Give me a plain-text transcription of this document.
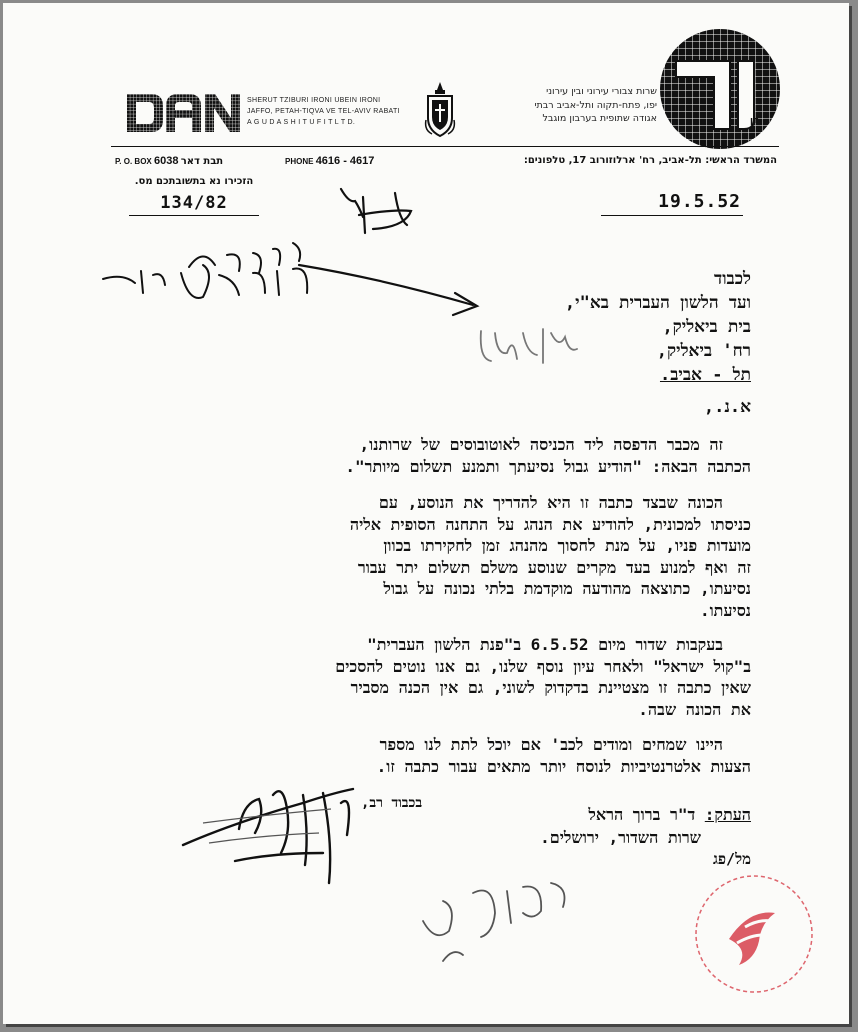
SHERUT TZIBURI IRONI UBEIN IRONI
JAFFO, PETAH-TIQVA VE TEL-AVIV RABATI
A G U D A S H I T U F I T L T D.
שרות צבורי עירוני ובין עירוני
יפו, פתח-תקוה ותל-אביב רבתי
אגודה שתופית בערבון מוגבל	דן
P. O. BOX 6038 תבת דאר	PHONE 4616 - 4617	המשרד הראשי: תל-אביב, רח' ארלוזורוב 17, טלפונים:
הזכירו נא בתשובתכם מס.
134/82	19.5.52
לכבוד
ועד הלשון העברית בא"י,
בית ביאליק,
רח' ביאליק,
תל - אביב.
א.נ.,
זה מכבר הדפסה ליד הכניסה לאוטובוסים של שרותנו,
הכתבה הבאה: "הודיע גבול נסיעתך ותמנע תשלום מיותר".
הכונה שבצד כתבה זו היא להדריך את הנוסע, עם
כניסתו למכונית, להודיע את הנהג על התחנה הסופית אליה
מועדות פניו, על מנת לחסוך מהנהג זמן לחקירתו בכוון
זה ואף למנוע בעד מקרים שנוסע משלם תשלום יתר עבור
נסיעתו, כתוצאה מהודעה מוקדמת בלתי נכונה על גבול
נסיעתו.
בעקבות שדור מיום 6.5.52 ב"פנת הלשון העברית"
ב"קול ישראל" ולאחר עיון נוסף שלנו, גם אנו נוטים להסכים
שאין כתבה זו מצטיינת בדקדוק לשוני, גם אין הכנה מסביר
את הכונה שבה.
היינו שמחים ומודים לכב' אם יוכל לתת לנו מספר
הצעות אלטרנטיביות לנוסח יותר מתאים עבור כתבה זו.
העתק: ד"ר ברוך הראל
שרות השדור, ירושלים.
מל/פג
בכבוד רב,
